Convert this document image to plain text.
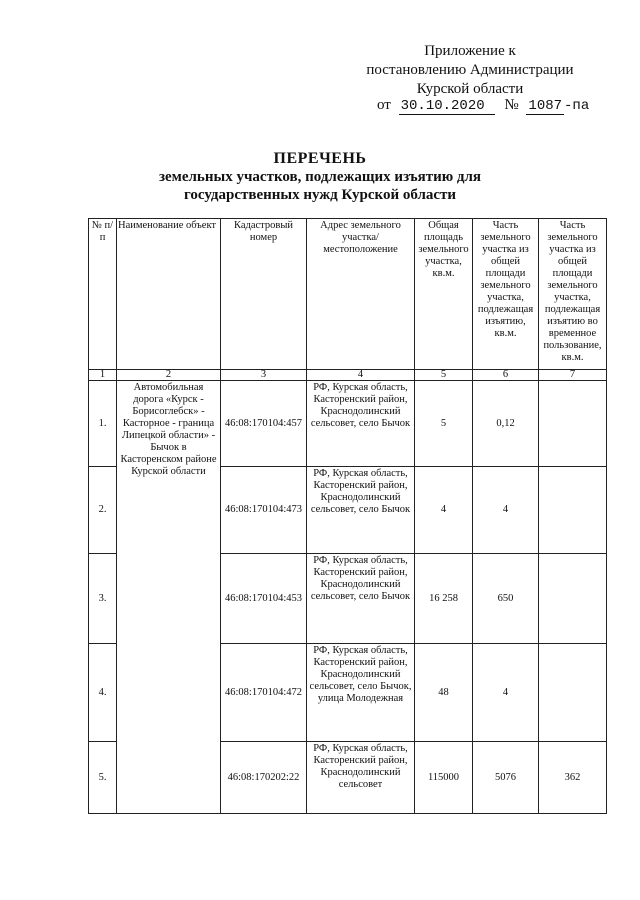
Приложение к
постановлению Администрации
Курской области
от 30.10.2020 № 1087 -па
ПЕРЕЧЕНЬ
земельных участков, подлежащих изъятию для
государственных нужд Курской области
№ п/п	Наименование объект	Кадастровый номер	Адрес земельного участка/ местоположение	Общая площадь земельного участка, кв.м.	Часть земельного участка из общей площади земельного участка, подлежащая изъятию, кв.м.	Часть земельного участка из общей площади земельного участка, подлежащая изъятию во временное пользование, кв.м.
1	2	3	4	5	6	7
1.	Автомобильная дорога «Курск - Борисоглебск» - Касторное - граница Липецкой области» - Бычок в Касторенском районе Курской области	46:08:170104:457	РФ, Курская область, Касторенский район, Краснодолинский сельсовет, село Бычок	5	0,12	
2.		46:08:170104:473	РФ, Курская область, Касторенский район, Краснодолинский сельсовет, село Бычок	4	4	
3.		46:08:170104:453	РФ, Курская область, Касторенский район, Краснодолинский сельсовет, село Бычок	16 258	650	
4.		46:08:170104:472	РФ, Курская область, Касторенский район, Краснодолинский сельсовет, село Бычок, улица Молодежная	48	4	
5.		46:08:170202:22	РФ, Курская область, Касторенский район, Краснодолинский сельсовет	115000	5076	362
